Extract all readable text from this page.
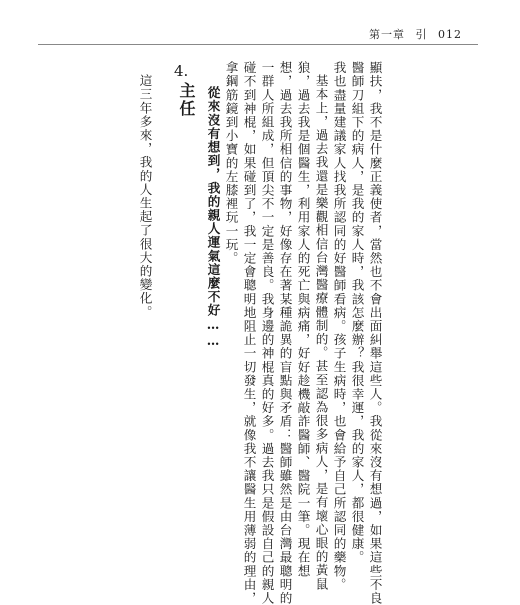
第一章 引 012
顯扶，我不是什麼正義使者，當然也不會出面糾舉這些人。我從來沒有想過，如果這些不良
醫師刀組下的病人，是我的家人時，我該怎麼辦？我很幸運，我的家人，都很健康。
我也盡量建議家人找我所認同的好醫師看病。孩子生病時，也會給予自己所認同的藥物。
基本上，過去我還是樂觀相信台灣醫療體制的。甚至認為很多病人，是有壞心眼的黃鼠
狼，過去我是個醫生，利用家人的死亡與病痛，好好趁機敲詐醫師、醫院一筆。現在想
想，過去我所相信的事物，好像存在著某種詭異的盲點與矛盾：醫師雖然是由台灣最聰明的
一群人所組成，但頂尖不一定是善良。我身邊的神棍真的好多。過去我只是假設自己的親人
碰不到神棍，如果碰到了，我一定會聰明地阻止一切發生，就像我不讓醫生用薄弱的理由，
拿鋼筋鏡到小寶的左膝裡玩一玩。
從來沒有想到，我的親人運氣這麼不好……
4.
主任
這三年多來，我的人生起了很大的變化。
